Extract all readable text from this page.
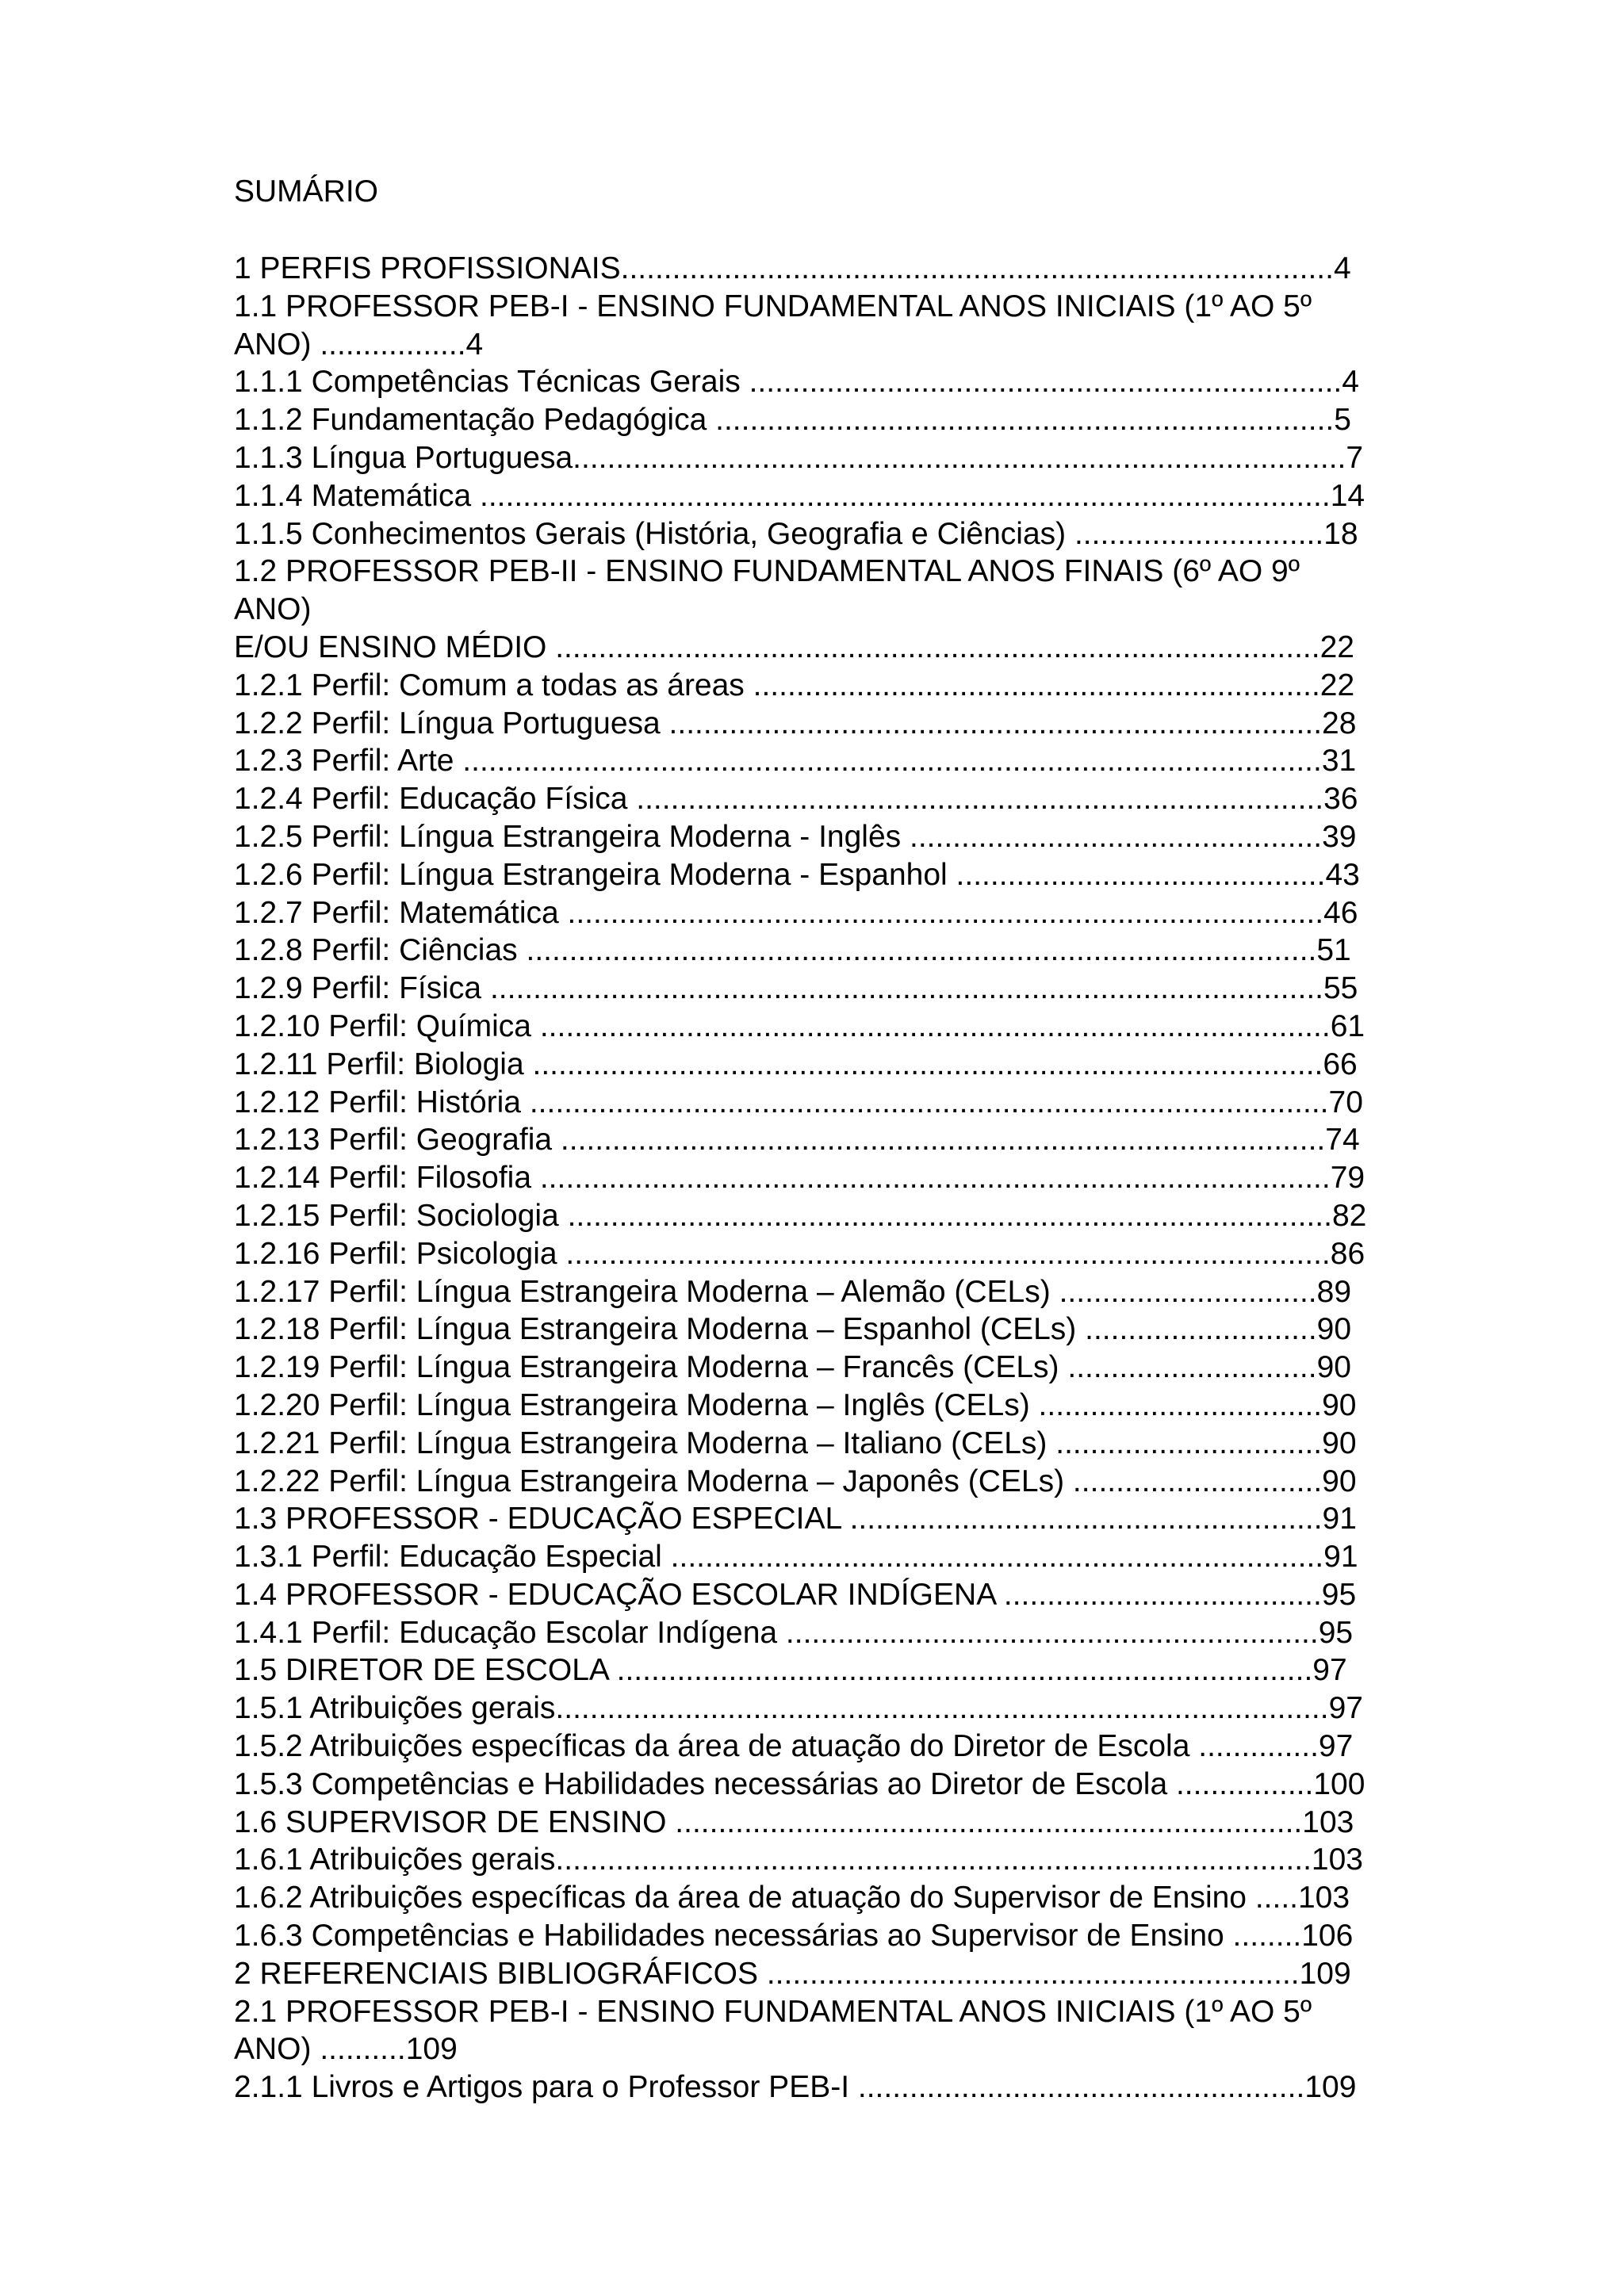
SUMÁRIO
1 PERFIS PROFISSIONAIS...................................................................................4
1.1 PROFESSOR PEB-I - ENSINO FUNDAMENTAL ANOS INICIAIS (1º AO 5º
ANO) .................4
1.1.1 Competências Técnicas Gerais .....................................................................4
1.1.2 Fundamentação Pedagógica ........................................................................5
1.1.3 Língua Portuguesa..........................................................................................7
1.1.4 Matemática ...................................................................................................14
1.1.5 Conhecimentos Gerais (História, Geografia e Ciências) .............................18
1.2 PROFESSOR PEB-II - ENSINO FUNDAMENTAL ANOS FINAIS (6º AO 9º
ANO)
E/OU ENSINO MÉDIO .........................................................................................22
1.2.1 Perfil: Comum a todas as áreas ..................................................................22
1.2.2 Perfil: Língua Portuguesa ............................................................................28
1.2.3 Perfil: Arte ....................................................................................................31
1.2.4 Perfil: Educação Física ................................................................................36
1.2.5 Perfil: Língua Estrangeira Moderna - Inglês ................................................39
1.2.6 Perfil: Língua Estrangeira Moderna - Espanhol ...........................................43
1.2.7 Perfil: Matemática ........................................................................................46
1.2.8 Perfil: Ciências ............................................................................................51
1.2.9 Perfil: Física .................................................................................................55
1.2.10 Perfil: Química ............................................................................................61
1.2.11 Perfil: Biologia ............................................................................................66
1.2.12 Perfil: História .............................................................................................70
1.2.13 Perfil: Geografia .........................................................................................74
1.2.14 Perfil: Filosofia ............................................................................................79
1.2.15 Perfil: Sociologia .........................................................................................82
1.2.16 Perfil: Psicologia .........................................................................................86
1.2.17 Perfil: Língua Estrangeira Moderna – Alemão (CELs) ..............................89
1.2.18 Perfil: Língua Estrangeira Moderna – Espanhol (CELs) ...........................90
1.2.19 Perfil: Língua Estrangeira Moderna – Francês (CELs) .............................90
1.2.20 Perfil: Língua Estrangeira Moderna – Inglês (CELs) .................................90
1.2.21 Perfil: Língua Estrangeira Moderna – Italiano (CELs) ...............................90
1.2.22 Perfil: Língua Estrangeira Moderna – Japonês (CELs) .............................90
1.3 PROFESSOR - EDUCAÇÃO ESPECIAL .......................................................91
1.3.1 Perfil: Educação Especial ............................................................................91
1.4 PROFESSOR - EDUCAÇÃO ESCOLAR INDÍGENA .....................................95
1.4.1 Perfil: Educação Escolar Indígena ..............................................................95
1.5 DIRETOR DE ESCOLA .................................................................................97
1.5.1 Atribuições gerais..........................................................................................97
1.5.2 Atribuições específicas da área de atuação do Diretor de Escola ..............97
1.5.3 Competências e Habilidades necessárias ao Diretor de Escola ................100
1.6 SUPERVISOR DE ENSINO .........................................................................103
1.6.1 Atribuições gerais........................................................................................103
1.6.2 Atribuições específicas da área de atuação do Supervisor de Ensino .....103
1.6.3 Competências e Habilidades necessárias ao Supervisor de Ensino ........106
2 REFERENCIAIS BIBLIOGRÁFICOS ..............................................................109
2.1 PROFESSOR PEB-I - ENSINO FUNDAMENTAL ANOS INICIAIS (1º AO 5º
ANO) ..........109
2.1.1 Livros e Artigos para o Professor PEB-I ....................................................109
